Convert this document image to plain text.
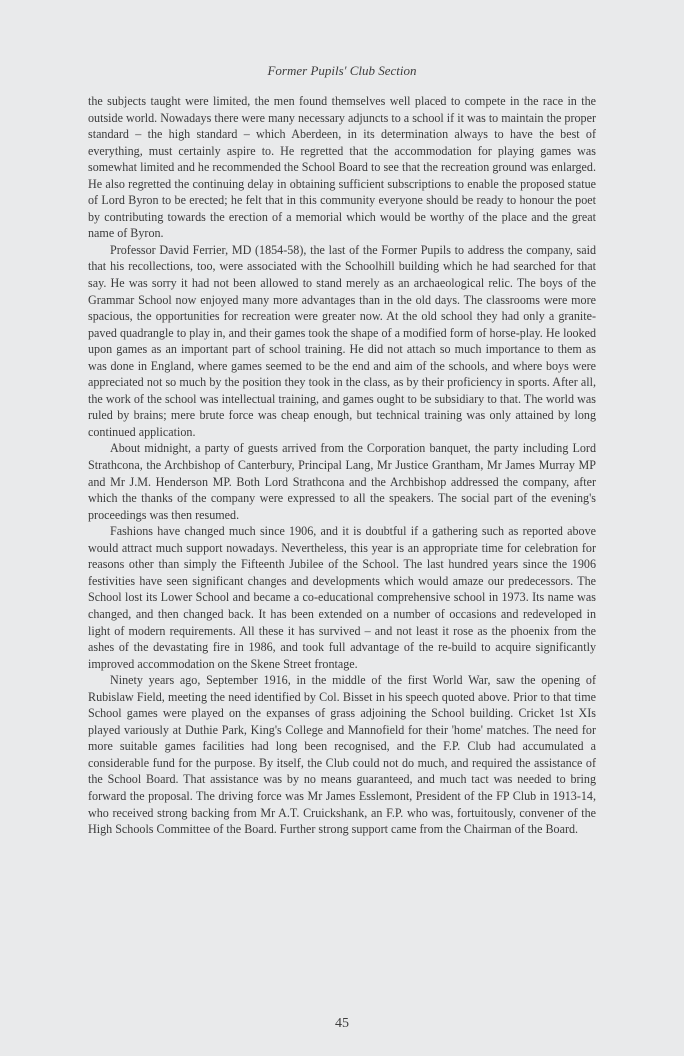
Former Pupils' Club Section

the subjects taught were limited, the men found themselves well placed to compete in the race in the outside world. Nowadays there were many necessary adjuncts to a school if it was to maintain the proper standard – the high standard – which Aberdeen, in its determination always to have the best of everything, must certainly aspire to. He regretted that the accommodation for playing games was somewhat limited and he recommended the School Board to see that the recreation ground was enlarged. He also regretted the continuing delay in obtaining sufficient subscriptions to enable the proposed statue of Lord Byron to be erected; he felt that in this community everyone should be ready to honour the poet by contributing towards the erection of a memorial which would be worthy of the place and the great name of Byron.

Professor David Ferrier, MD (1854-58), the last of the Former Pupils to address the company, said that his recollections, too, were associated with the Schoolhill building which he had searched for that say. He was sorry it had not been allowed to stand merely as an archaeological relic. The boys of the Grammar School now enjoyed many more advantages than in the old days. The classrooms were more spacious, the opportunities for recreation were greater now. At the old school they had only a granite-paved quadrangle to play in, and their games took the shape of a modified form of horse-play. He looked upon games as an important part of school training. He did not attach so much importance to them as was done in England, where games seemed to be the end and aim of the schools, and where boys were appreciated not so much by the position they took in the class, as by their proficiency in sports. After all, the work of the school was intellectual training, and games ought to be subsidiary to that. The world was ruled by brains; mere brute force was cheap enough, but technical training was only attained by long continued application.

About midnight, a party of guests arrived from the Corporation banquet, the party including Lord Strathcona, the Archbishop of Canterbury, Principal Lang, Mr Justice Grantham, Mr James Murray MP and Mr J.M. Henderson MP. Both Lord Strathcona and the Archbishop addressed the company, after which the thanks of the company were expressed to all the speakers. The social part of the evening's proceedings was then resumed.

Fashions have changed much since 1906, and it is doubtful if a gathering such as reported above would attract much support nowadays. Nevertheless, this year is an appropriate time for celebration for reasons other than simply the Fifteenth Jubilee of the School. The last hundred years since the 1906 festivities have seen significant changes and developments which would amaze our predecessors. The School lost its Lower School and became a co-educational comprehensive school in 1973. Its name was changed, and then changed back. It has been extended on a number of occasions and redeveloped in light of modern requirements. All these it has survived – and not least it rose as the phoenix from the ashes of the devastating fire in 1986, and took full advantage of the re-build to acquire significantly improved accommodation on the Skene Street frontage.

Ninety years ago, September 1916, in the middle of the first World War, saw the opening of Rubislaw Field, meeting the need identified by Col. Bisset in his speech quoted above. Prior to that time School games were played on the expanses of grass adjoining the School building. Cricket 1st XIs played variously at Duthie Park, King's College and Mannofield for their 'home' matches. The need for more suitable games facilities had long been recognised, and the F.P. Club had accumulated a considerable fund for the purpose. By itself, the Club could not do much, and required the assistance of the School Board. That assistance was by no means guaranteed, and much tact was needed to bring forward the proposal. The driving force was Mr James Esslemont, President of the FP Club in 1913-14, who received strong backing from Mr A.T. Cruickshank, an F.P. who was, fortuitously, convener of the High Schools Committee of the Board. Further strong support came from the Chairman of the Board.

45
